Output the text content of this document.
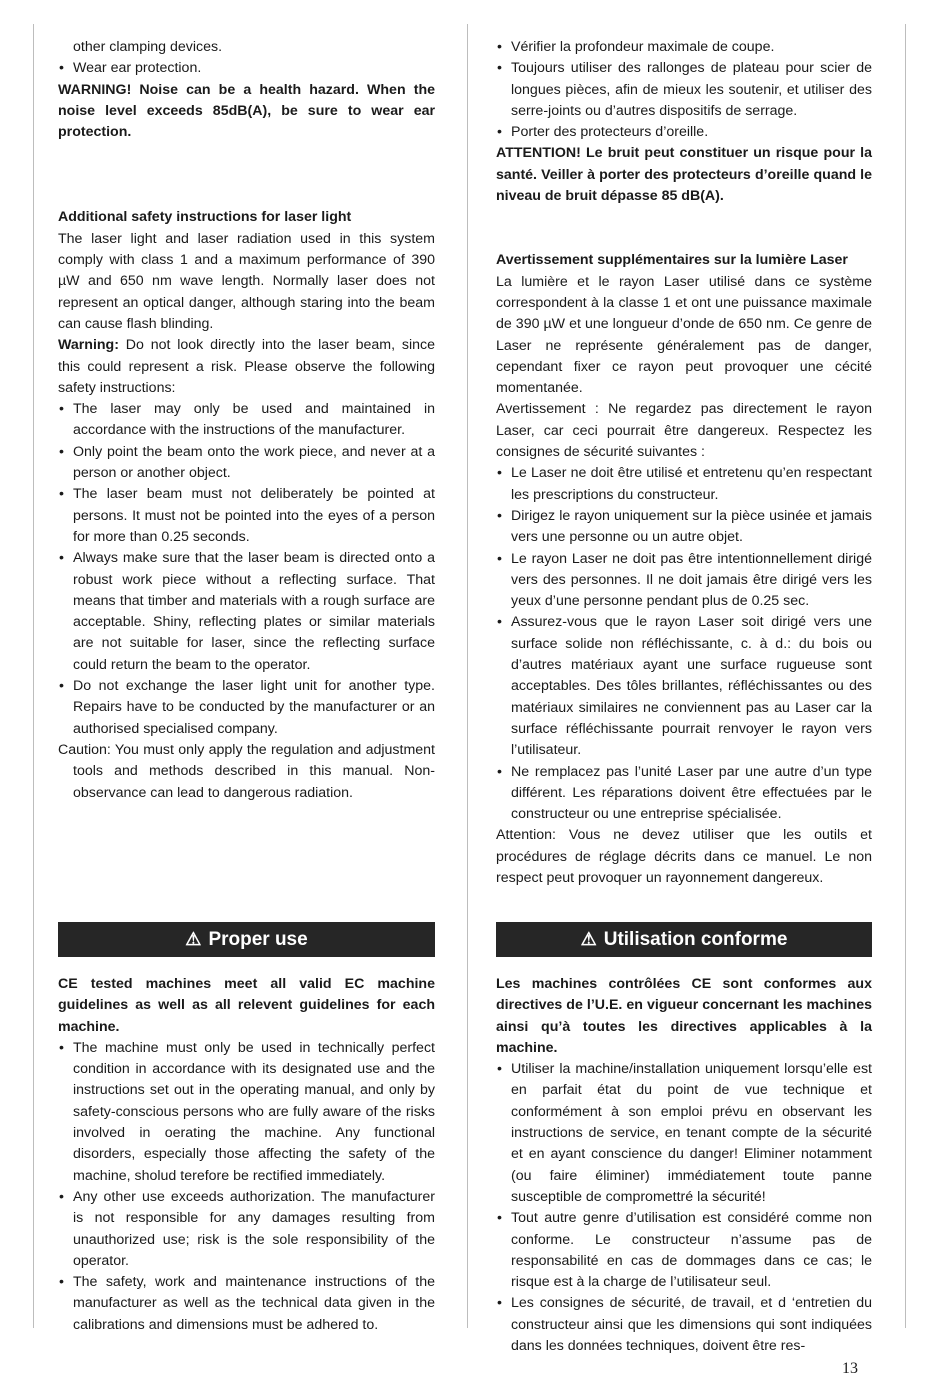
other clamping devices.

• Wear ear protection.

WARNING! Noise can be a health hazard. When the noise level exceeds 85dB(A), be sure to wear ear protection.

Additional safety instructions for laser light

The laser light and laser radiation used in this system comply with class 1 and a maximum performance of 390 µW and 650 nm wave length. Normally laser does not represent an optical danger, although staring into the beam can cause flash blinding.

Warning: Do not look directly into the laser beam, since this could represent a risk. Please observe the following safety instructions:

• The laser may only be used and maintained in accordance with the instructions of the manufacturer.
• Only point the beam onto the work piece, and never at a person or another object.
• The laser beam must not deliberately be pointed at persons. It must not be pointed into the eyes of a person for more than 0.25 seconds.
• Always make sure that the laser beam is directed onto a robust work piece without a reflecting surface. That means that timber and materials with a rough surface are acceptable. Shiny, reflecting plates or similar materials are not suitable for laser, since the reflecting surface could return the beam to the operator.
• Do not exchange the laser light unit for another type. Repairs have to be conducted by the manufacturer or an authorised specialised company.

Caution: You must only apply the regulation and adjustment tools and methods described in this manual. Non-observance can lead to dangerous radiation.

• Vérifier la profondeur maximale de coupe.
• Toujours utiliser des rallonges de plateau pour scier de longues pièces, afin de mieux les soutenir, et utiliser des serre-joints ou d’autres dispositifs de serrage.
• Porter des protecteurs d’oreille.

ATTENTION! Le bruit peut constituer un risque pour la santé. Veiller à porter des protecteurs d’oreille quand le niveau de bruit dépasse 85 dB(A).

Avertissement supplémentaires sur la lumière Laser

La lumière et le rayon Laser utilisé dans ce système correspondent à la classe 1 et ont une puissance maximale de 390 µW et une longueur d’onde de 650 nm. Ce genre de Laser ne représente généralement pas de danger, cependant fixer ce rayon peut provoquer une cécité momentanée.

Avertissement : Ne regardez pas directement le rayon Laser, car ceci pourrait être dangereux. Respectez les consignes de sécurité suivantes :

• Le Laser ne doit être utilisé et entretenu qu’en respectant les prescriptions du constructeur.
• Dirigez le rayon uniquement sur la pièce usinée et jamais vers une personne ou un autre objet.
• Le rayon Laser ne doit pas être intentionnellement dirigé vers des personnes. Il ne doit jamais être dirigé vers les yeux d’une personne pendant plus de 0.25 sec.
• Assurez-vous que le rayon Laser soit dirigé vers une surface solide non réfléchissante, c. à d.: du bois ou d’autres matériaux ayant une surface rugueuse sont acceptables. Des tôles brillantes, réfléchissantes ou des matériaux similaires ne conviennent pas au Laser car la surface réfléchissante pourrait renvoyer le rayon vers l’utilisateur.
• Ne remplacez pas l’unité Laser par une autre d’un type différent. Les réparations doivent être effectuées par le constructeur ou une entreprise spécialisée.

Attention: Vous ne devez utiliser que les outils et procédures de réglage décrits dans ce manuel. Le non respect peut provoquer un rayonnement dangereux.

⚠ Proper use	⚠ Utilisation conforme

CE tested machines meet all valid EC machine guidelines as well as all relevent guidelines for each machine.

• The machine must only be used in technically perfect condition in accordance with its designated use and the instructions set out in the operating manual, and only by safety-conscious persons who are fully aware of the risks involved in oerating the machine. Any functional disorders, especially those affecting the safety of the machine, sholud terefore be rectified immediately.
• Any other use exceeds authorization. The manufacturer is not responsible for any damages resulting from unauthorized use; risk is the sole responsibility of the operator.
• The safety, work and maintenance instructions of the manufacturer as well as the technical data given in the calibrations and dimensions must be adhered to.

Les machines contrôlées CE sont conformes aux directives de l’U.E. en vigueur concernant les machines ainsi qu’à toutes les directives applicables à la machine.

• Utiliser la machine/installation uniquement lorsqu’elle est en parfait état du point de vue technique et conformément à son emploi prévu en observant les instructions de service, en tenant compte de la sécurité et en ayant conscience du danger! Eliminer notamment (ou faire éliminer) immédiatement toute panne susceptible de compromettré la sécurité!
• Tout autre genre d’utilisation est considéré comme non conforme. Le constructeur n’assume pas de responsabilité en cas de dommages dans ce cas; le risque est à la charge de l’utilisateur seul.
• Les consignes de sécurité, de travail, et d ‘entretien du constructeur ainsi que les dimensions qui sont indiquées dans les données techniques, doivent être res-
13
